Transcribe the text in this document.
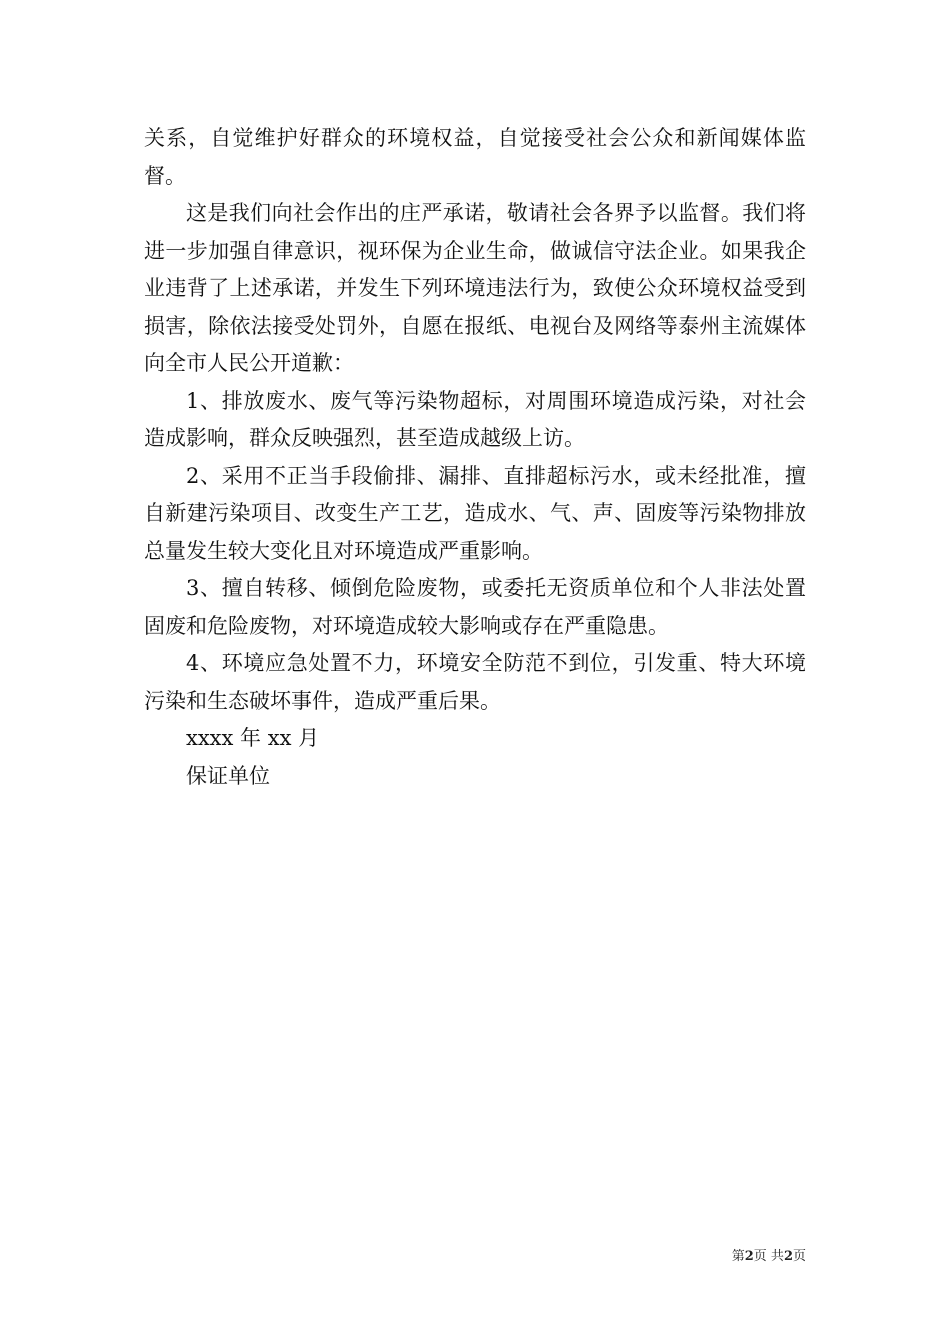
关系，自觉维护好群众的环境权益，自觉接受社会公众和新闻媒体监督。

这是我们向社会作出的庄严承诺，敬请社会各界予以监督。我们将进一步加强自律意识，视环保为企业生命，做诚信守法企业。如果我企业违背了上述承诺，并发生下列环境违法行为，致使公众环境权益受到损害，除依法接受处罚外，自愿在报纸、电视台及网络等泰州主流媒体向全市人民公开道歉：

1、排放废水、废气等污染物超标，对周围环境造成污染，对社会造成影响，群众反映强烈，甚至造成越级上访。

2、采用不正当手段偷排、漏排、直排超标污水，或未经批准，擅自新建污染项目、改变生产工艺，造成水、气、声、固废等污染物排放总量发生较大变化且对环境造成严重影响。

3、擅自转移、倾倒危险废物，或委托无资质单位和个人非法处置固废和危险废物，对环境造成较大影响或存在严重隐患。

4、环境应急处置不力，环境安全防范不到位，引发重、特大环境污染和生态破坏事件，造成严重后果。

xxxx 年 xx 月

保证单位

第2页 共2页
